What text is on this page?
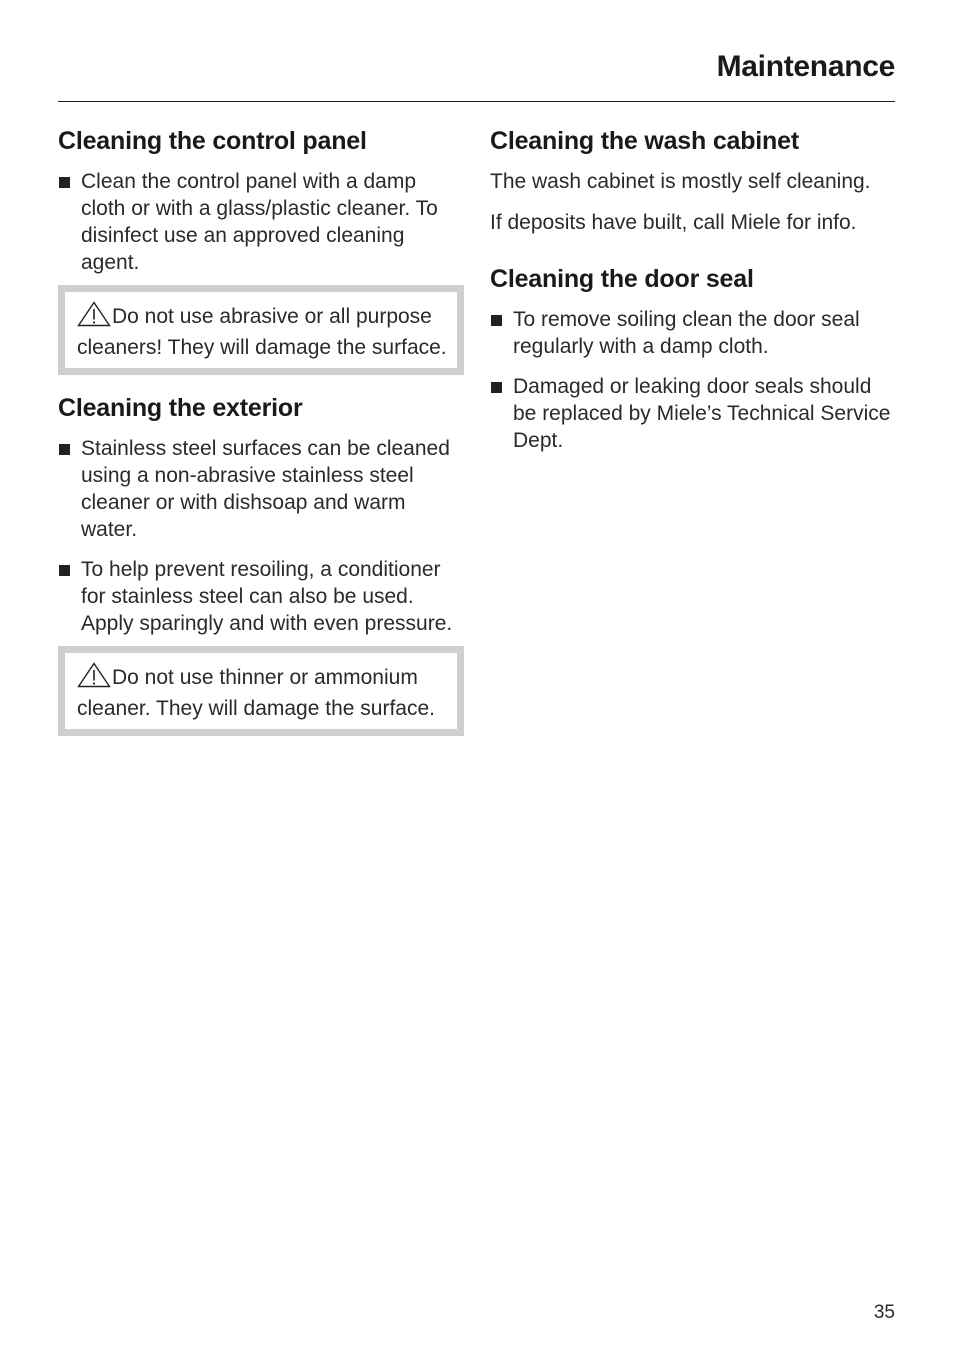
Maintenance
Cleaning the control panel
Clean the control panel with a damp cloth or with a glass/plastic cleaner. To disinfect use an approved cleaning agent.
Do not use abrasive or all purpose cleaners! They will damage the surface.
Cleaning the exterior
Stainless steel surfaces can be cleaned using a non-abrasive stainless steel cleaner or with dishsoap and warm water.
To help prevent resoiling, a conditioner for stainless steel can also be used. Apply sparingly and with even pressure.
Do not use thinner or ammonium cleaner. They will damage the surface.
Cleaning the wash cabinet

The wash cabinet is mostly self cleaning.

If deposits have built, call Miele for info.

Cleaning the door seal
To remove soiling clean the door seal regularly with a damp cloth.
Damaged or leaking door seals should be replaced by Miele’s Technical Service Dept.
35
